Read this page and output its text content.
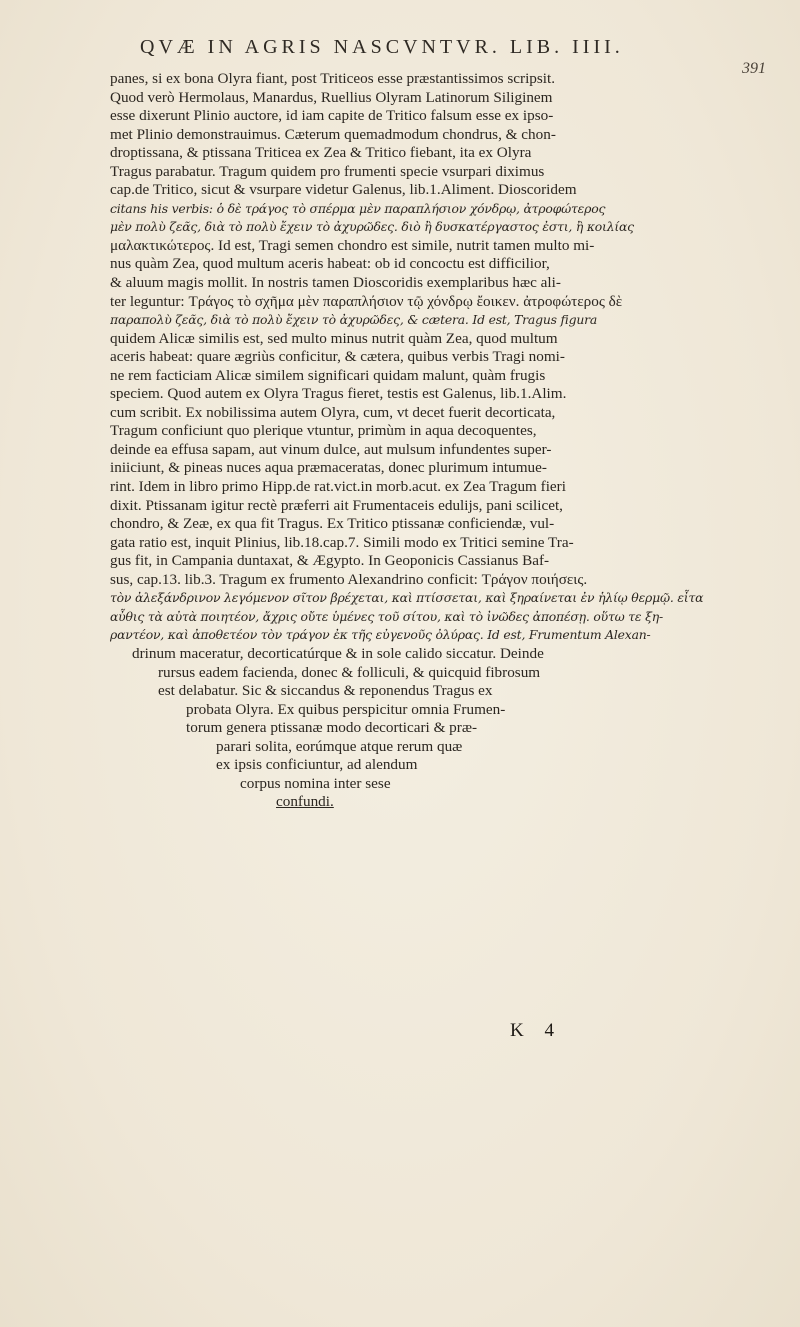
QVÆ IN AGRIS NASCVNTVR. LIB. IIII.
391
panes, si ex bona Olyra fiant, post Triticeos esse præstantissimos scripsit.
Quod verò Hermolaus, Manardus, Ruellius Olyram Latinorum Siliginem
esse dixerunt Plinio auctore, id iam capite de Tritico falsum esse ex ipso-
met Plinio demonstrauimus. Cæterum quemadmodum chondrus, & chon-
droptissana, & ptissana Triticea ex Zea & Tritico fiebant, ita ex Olyra
Tragus parabatur. Tragum quidem pro frumenti specie vsurpari diximus
cap.de Tritico, sicut & vsurpare videtur Galenus, lib.1.Aliment. Dioscoridem
citans his verbis: ὁ δὲ τράγος τὸ σπέρμα μὲν παραπλήσιον χόνδρῳ, ἀτροφώτερος
μὲν πολὺ ζεᾶς, διὰ τὸ πολὺ ἔχειν τὸ ἀχυρῶδες. διὸ ἢ δυσκατέργαστος ἐστι, ἢ κοιλίας
μαλακτικώτερος. Id est, Tragi semen chondro est simile, nutrit tamen multo mi-
nus quàm Zea, quod multum aceris habeat: ob id concoctu est difficilior,
& aluum magis mollit. In nostris tamen Dioscoridis exemplaribus hæc ali-
ter leguntur: Τράγος τὸ σχῆμα μὲν παραπλήσιον τῷ χόνδρῳ ἔοικεν. ἀτροφώτερος δὲ
παραπολὺ ζεᾶς, διὰ τὸ πολὺ ἔχειν τὸ ἀχυρῶδες, & cætera. Id est, Tragus figura
quidem Alicæ similis est, sed multo minus nutrit quàm Zea, quod multum
aceris habeat: quare ægriùs conficitur, & cætera, quibus verbis Tragi nomi-
ne rem facticiam Alicæ similem significari quidam malunt, quàm frugis
speciem. Quod autem ex Olyra Tragus fieret, testis est Galenus, lib.1.Alim.
cum scribit. Ex nobilissima autem Olyra, cum, vt decet fuerit decorticata,
Tragum conficiunt quo plerique vtuntur, primùm in aqua decoquentes,
deinde ea effusa sapam, aut vinum dulce, aut mulsum infundentes super-
iniiciunt, & pineas nuces aqua præmaceratas, donec plurimum intumue-
rint. Idem in libro primo Hipp.de rat.vict.in morb.acut. ex Zea Tragum fieri
dixit. Ptissanam igitur rectè præferri ait Frumentaceis edulijs, pani scilicet,
chondro, & Zeæ, ex qua fit Tragus. Ex Tritico ptissanæ conficiendæ, vul-
gata ratio est, inquit Plinius, lib.18.cap.7. Simili modo ex Tritici semine Tra-
gus fit, in Campania duntaxat, & Ægypto. In Geoponicis Cassianus Baf-
sus, cap.13. lib.3. Tragum ex frumento Alexandrino conficit: Τράγον ποιήσεις.
τὸν ἀλεξάνδρινον λεγόμενον σῖτον βρέχεται, καὶ πτίσσεται, καὶ ξηραίνεται ἐν ἡλίῳ θερμῷ. εἶτα
αὖθις τὰ αὐτὰ ποιητέον, ἄχρις οὔτε ὑμένες τοῦ σίτου, καὶ τὸ ἰνῶδες ἀποπέσῃ. οὕτω τε ξη-
ραντέον, καὶ ἀποθετέον τὸν τράγον ἐκ τῆς εὐγενοῦς ὀλύρας. Id est, Frumentum Alexan-
drinum maceratur, decorticatúrque & in sole calido siccatur. Deinde
rursus eadem facienda, donec & folliculi, & quicquid fibrosum
est delabatur. Sic & siccandus & reponendus Tragus ex
probata Olyra. Ex quibus perspicitur omnia Frumen-
torum genera ptissanæ modo decorticari & præ-
parari solita, eorúmque atque rerum quæ
ex ipsis conficiuntur, ad alendum
corpus nomina inter sese
confundi.
K 4
